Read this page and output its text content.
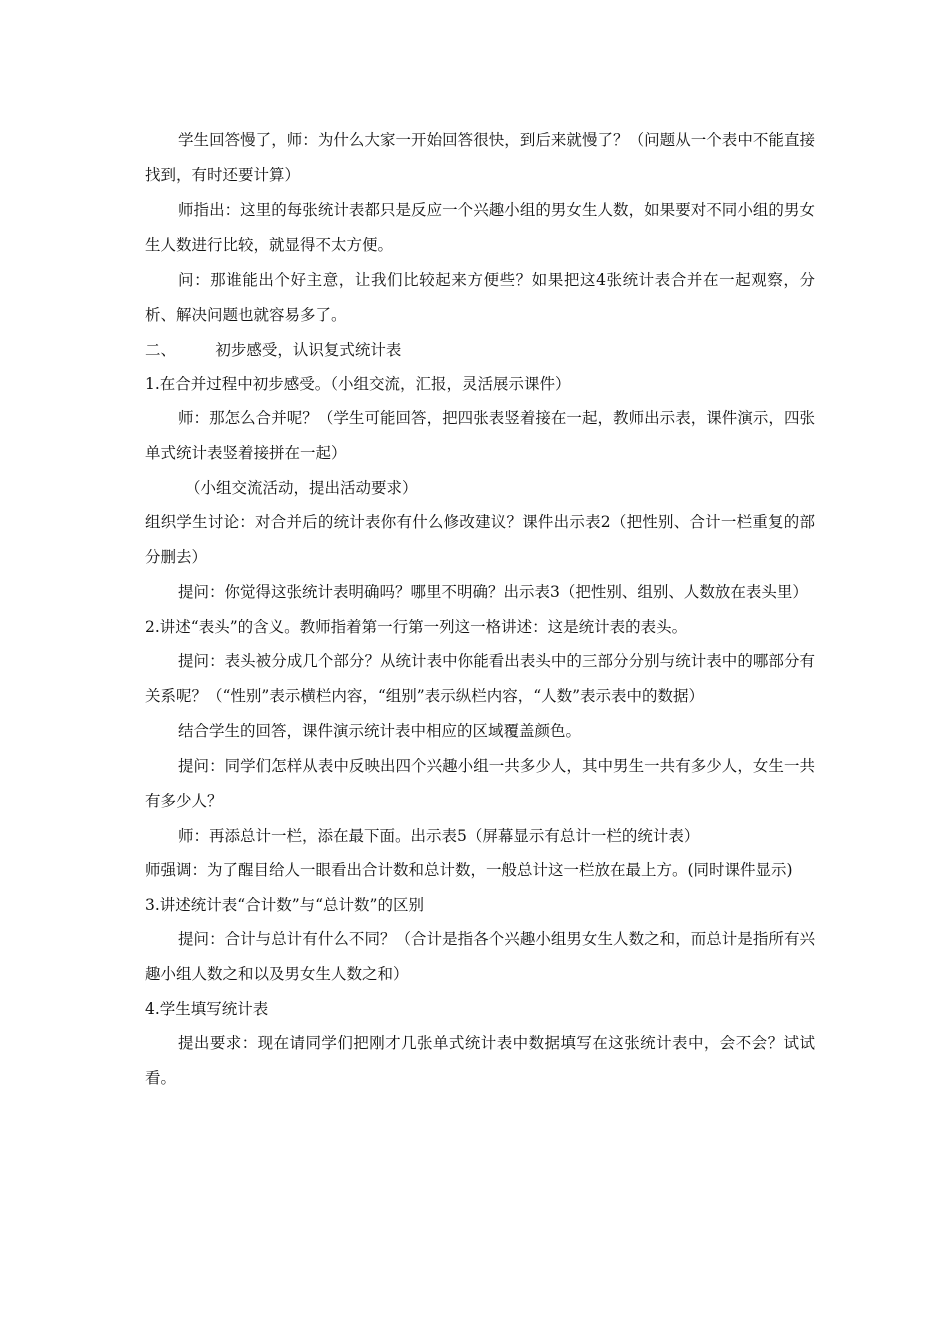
学生回答慢了，师：为什么大家一开始回答很快，到后来就慢了？（问题从一个表中不能直接找到，有时还要计算）

师指出：这里的每张统计表都只是反应一个兴趣小组的男女生人数，如果要对不同小组的男女生人数进行比较，就显得不太方便。

问：那谁能出个好主意，让我们比较起来方便些？如果把这4张统计表合并在一起观察，分析、解决问题也就容易多了。

二、        初步感受，认识复式统计表

1.在合并过程中初步感受。（小组交流，汇报，灵活展示课件）

师：那怎么合并呢？（学生可能回答，把四张表竖着接在一起，教师出示表，课件演示，四张单式统计表竖着接拼在一起）

（小组交流活动，提出活动要求）

组织学生讨论：对合并后的统计表你有什么修改建议？课件出示表2（把性别、合计一栏重复的部分删去）

提问：你觉得这张统计表明确吗？哪里不明确？出示表3（把性别、组别、人数放在表头里）

2.讲述“表头”的含义。教师指着第一行第一列这一格讲述：这是统计表的表头。

提问：表头被分成几个部分？从统计表中你能看出表头中的三部分分别与统计表中的哪部分有关系呢？（“性别”表示横栏内容，“组别”表示纵栏内容，“人数”表示表中的数据）

结合学生的回答，课件演示统计表中相应的区域覆盖颜色。

提问：同学们怎样从表中反映出四个兴趣小组一共多少人，其中男生一共有多少人，女生一共有多少人？

师：再添总计一栏，添在最下面。出示表5（屏幕显示有总计一栏的统计表）

师强调：为了醒目给人一眼看出合计数和总计数，一般总计这一栏放在最上方。(同时课件显示)

3.讲述统计表“合计数”与“总计数”的区别

提问：合计与总计有什么不同？（合计是指各个兴趣小组男女生人数之和，而总计是指所有兴趣小组人数之和以及男女生人数之和）

4.学生填写统计表

提出要求：现在请同学们把刚才几张单式统计表中数据填写在这张统计表中，会不会？试试看。
